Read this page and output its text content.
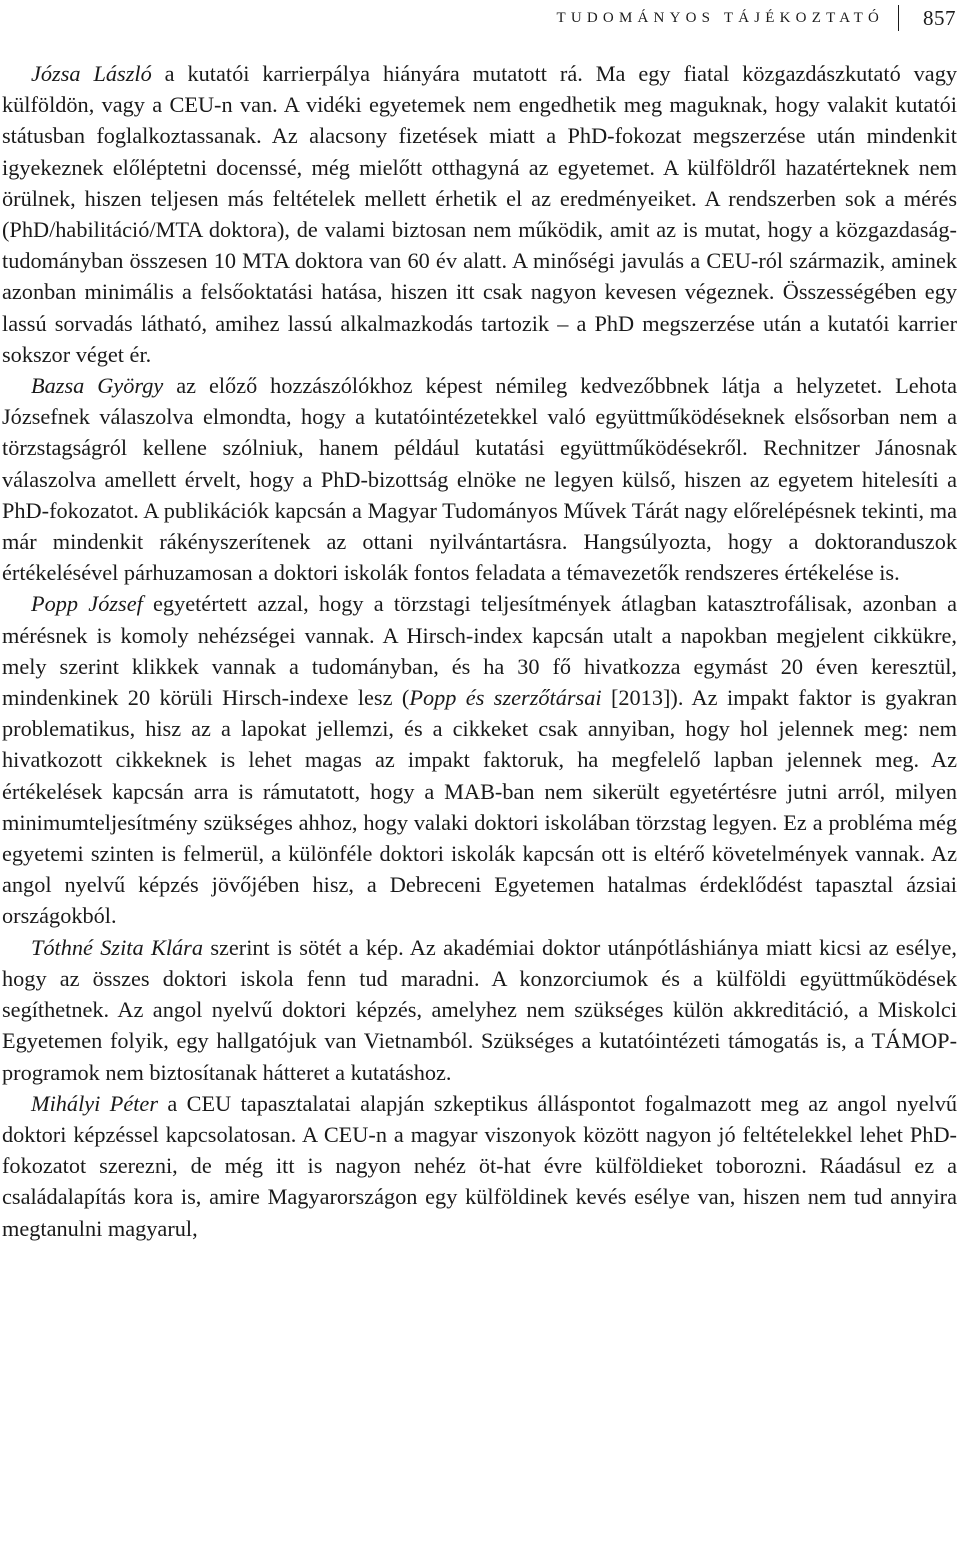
TUDOMÁNYOS TÁJÉKOZTATÓ 857

Józsa László a kutatói karrierpálya hiányára mutatott rá. Ma egy fiatal közgazdászkutató vagy külföldön, vagy a CEU-n van. A vidéki egyetemek nem engedhetik meg maguknak, hogy valakit kutatói státusban foglalkoztassanak. Az alacsony fizetések miatt a PhD-fokozat megszerzése után mindenkit igyekeznek előléptetni docenssé, még mielőtt otthagyná az egyetemet. A külföldről hazatérteknek nem örülnek, hiszen teljesen más feltételek mellett érhetik el az eredményeiket. A rendszerben sok a mérés (PhD/habilitáció/MTA doktora), de valami biztosan nem működik, amit az is mutat, hogy a közgazdaság-tudományban összesen 10 MTA doktora van 60 év alatt. A minőségi javulás a CEU-ról származik, aminek azonban minimális a felsőoktatási hatása, hiszen itt csak nagyon kevesen végeznek. Összességében egy lassú sorvadás látható, amihez lassú alkalmazkodás tartozik – a PhD megszerzése után a kutatói karrier sokszor véget ér.

Bazsa György az előző hozzászólókhoz képest némileg kedvezőbbnek látja a helyzetet. Lehota Józsefnek válaszolva elmondta, hogy a kutatóintézetekkel való együttműködéseknek elsősorban nem a törzstagságról kellene szólniuk, hanem például kutatási együttműködésekről. Rechnitzer Jánosnak válaszolva amellett érvelt, hogy a PhD-bizottság elnöke ne legyen külső, hiszen az egyetem hitelesíti a PhD-fokozatot. A publikációk kapcsán a Magyar Tudományos Művek Tárát nagy előrelépésnek tekinti, ma már mindenkit rákényszerítenek az ottani nyilvántartásra. Hangsúlyozta, hogy a doktoranduszok értékelésével párhuzamosan a doktori iskolák fontos feladata a témavezetők rendszeres értékelése is.

Popp József egyetértett azzal, hogy a törzstagi teljesítmények átlagban katasztrofálisak, azonban a mérésnek is komoly nehézségei vannak. A Hirsch-index kapcsán utalt a napokban megjelent cikkükre, mely szerint klikkek vannak a tudományban, és ha 30 fő hivatkozza egymást 20 éven keresztül, mindenkinek 20 körüli Hirsch-indexe lesz (Popp és szerzőtársai [2013]). Az impakt faktor is gyakran problematikus, hisz az a lapokat jellemzi, és a cikkeket csak annyiban, hogy hol jelennek meg: nem hivatkozott cikkeknek is lehet magas az impakt faktoruk, ha megfelelő lapban jelennek meg. Az értékelések kapcsán arra is rámutatott, hogy a MAB-ban nem sikerült egyetértésre jutni arról, milyen minimumteljesítmény szükséges ahhoz, hogy valaki doktori iskolában törzstag legyen. Ez a probléma még egyetemi szinten is felmerül, a különféle doktori iskolák kapcsán ott is eltérő követelmények vannak. Az angol nyelvű képzés jövőjében hisz, a Debreceni Egyetemen hatalmas érdeklődést tapasztal ázsiai országokból.

Tóthné Szita Klára szerint is sötét a kép. Az akadémiai doktor utánpótláshiánya miatt kicsi az esélye, hogy az összes doktori iskola fenn tud maradni. A konzorciumok és a külföldi együttműködések segíthetnek. Az angol nyelvű doktori képzés, amelyhez nem szükséges külön akkreditáció, a Miskolci Egyetemen folyik, egy hallgatójuk van Vietnamból. Szükséges a kutatóintézeti támogatás is, a TÁMOP-programok nem biztosítanak hátteret a kutatáshoz.

Mihályi Péter a CEU tapasztalatai alapján szkeptikus álláspontot fogalmazott meg az angol nyelvű doktori képzéssel kapcsolatosan. A CEU-n a magyar viszonyok között nagyon jó feltételekkel lehet PhD-fokozatot szerezni, de még itt is nagyon nehéz öt-hat évre külföldieket toborozni. Ráadásul ez a családalapítás kora is, amire Magyarországon egy külföldinek kevés esélye van, hiszen nem tud annyira megtanulni magyarul,
